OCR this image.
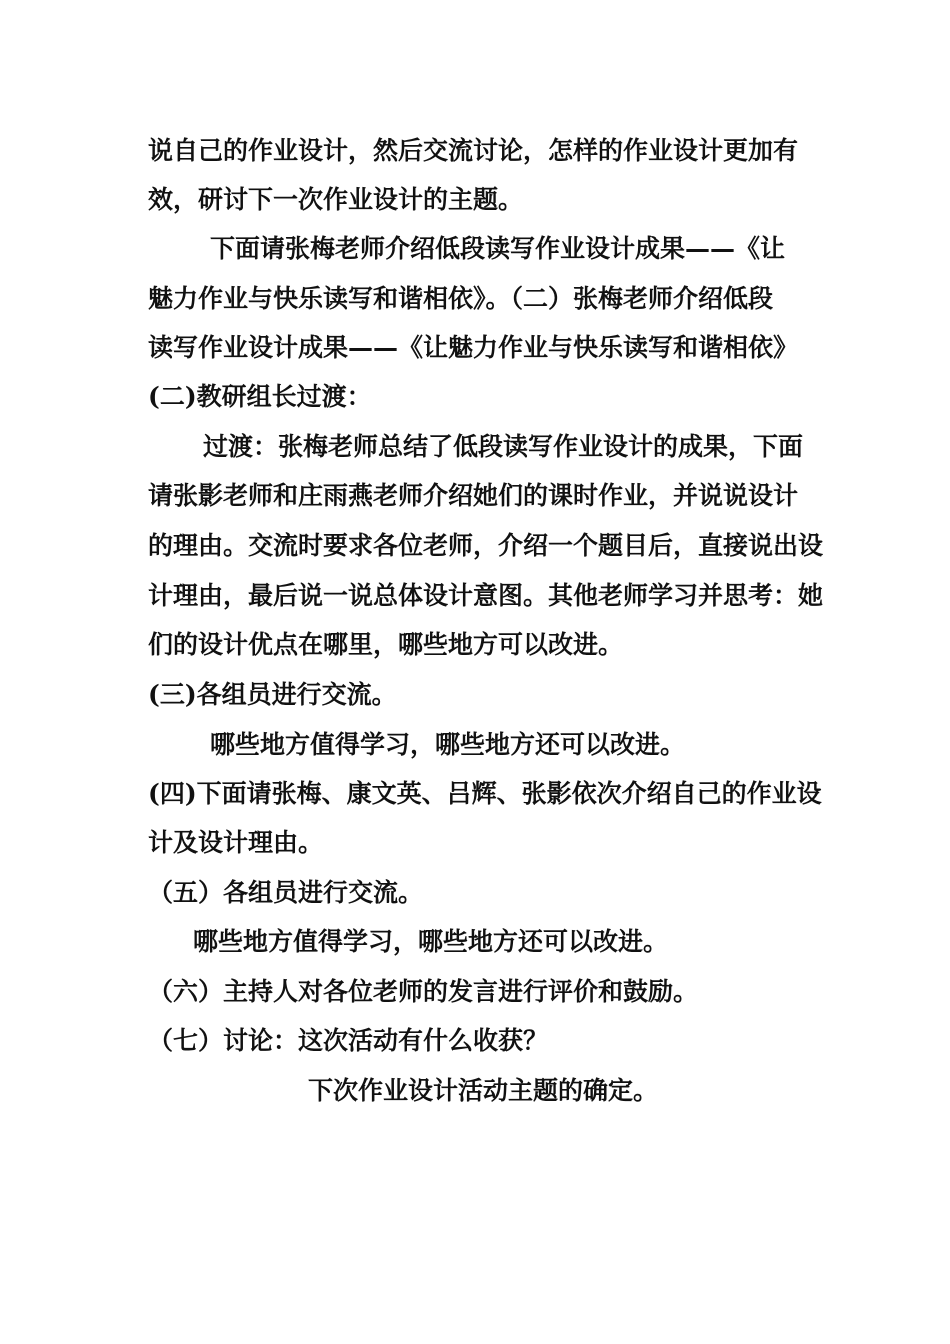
说自己的作业设计，然后交流讨论，怎样的作业设计更加有
效，研讨下一次作业设计的主题。
下面请张梅老师介绍低段读写作业设计成果——《让
魅力作业与快乐读写和谐相依》。（二）张梅老师介绍低段
读写作业设计成果——《让魅力作业与快乐读写和谐相依》
(二)教研组长过渡：
过渡：张梅老师总结了低段读写作业设计的成果，下面
请张影老师和庄雨燕老师介绍她们的课时作业，并说说设计
的理由。交流时要求各位老师，介绍一个题目后，直接说出设
计理由，最后说一说总体设计意图。其他老师学习并思考：她
们的设计优点在哪里，哪些地方可以改进。
(三)各组员进行交流。
哪些地方值得学习，哪些地方还可以改进。
(四)下面请张梅、康文英、吕辉、张影依次介绍自己的作业设
计及设计理由。
（五）各组员进行交流。
哪些地方值得学习，哪些地方还可以改进。
（六）主持人对各位老师的发言进行评价和鼓励。
（七）讨论：这次活动有什么收获？
下次作业设计活动主题的确定。
